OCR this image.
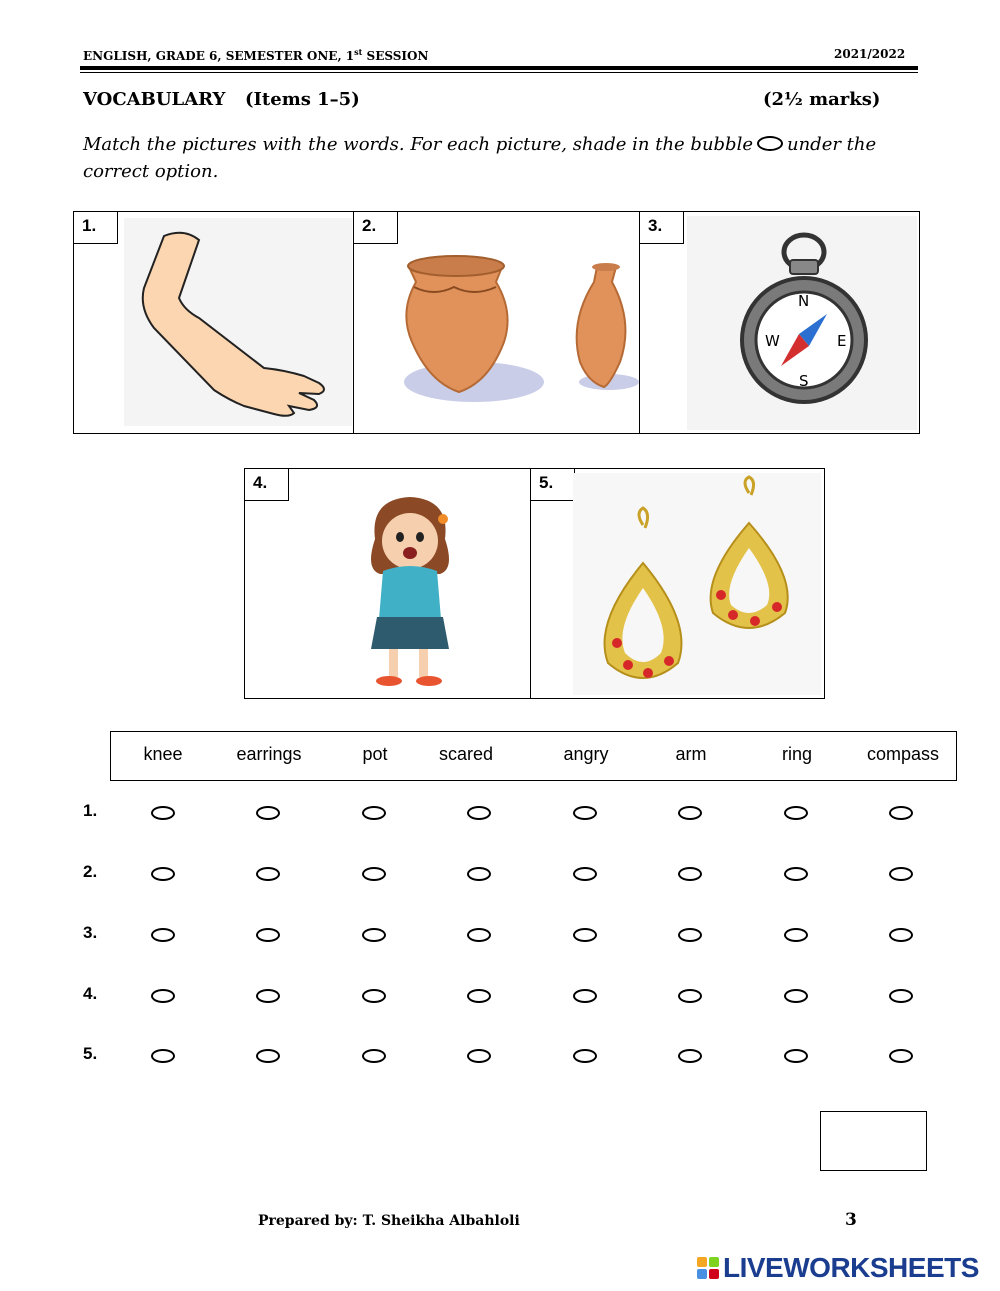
ENGLISH, GRADE 6, SEMESTER ONE, 1st SESSION	2021/2022
VOCABULARY (Items 1–5)	(2½ marks)
Match the pictures with the words. For each picture, shade in the bubble under the correct option.
1.	2.	3.
N
S
W	E
4.	5.
knee	earrings	pot	scared	angry	arm	ring	compass
1.
2.
3.
4.
5.
Prepared by: T. Sheikha Albahloli	3
LIVEWORKSHEETS
